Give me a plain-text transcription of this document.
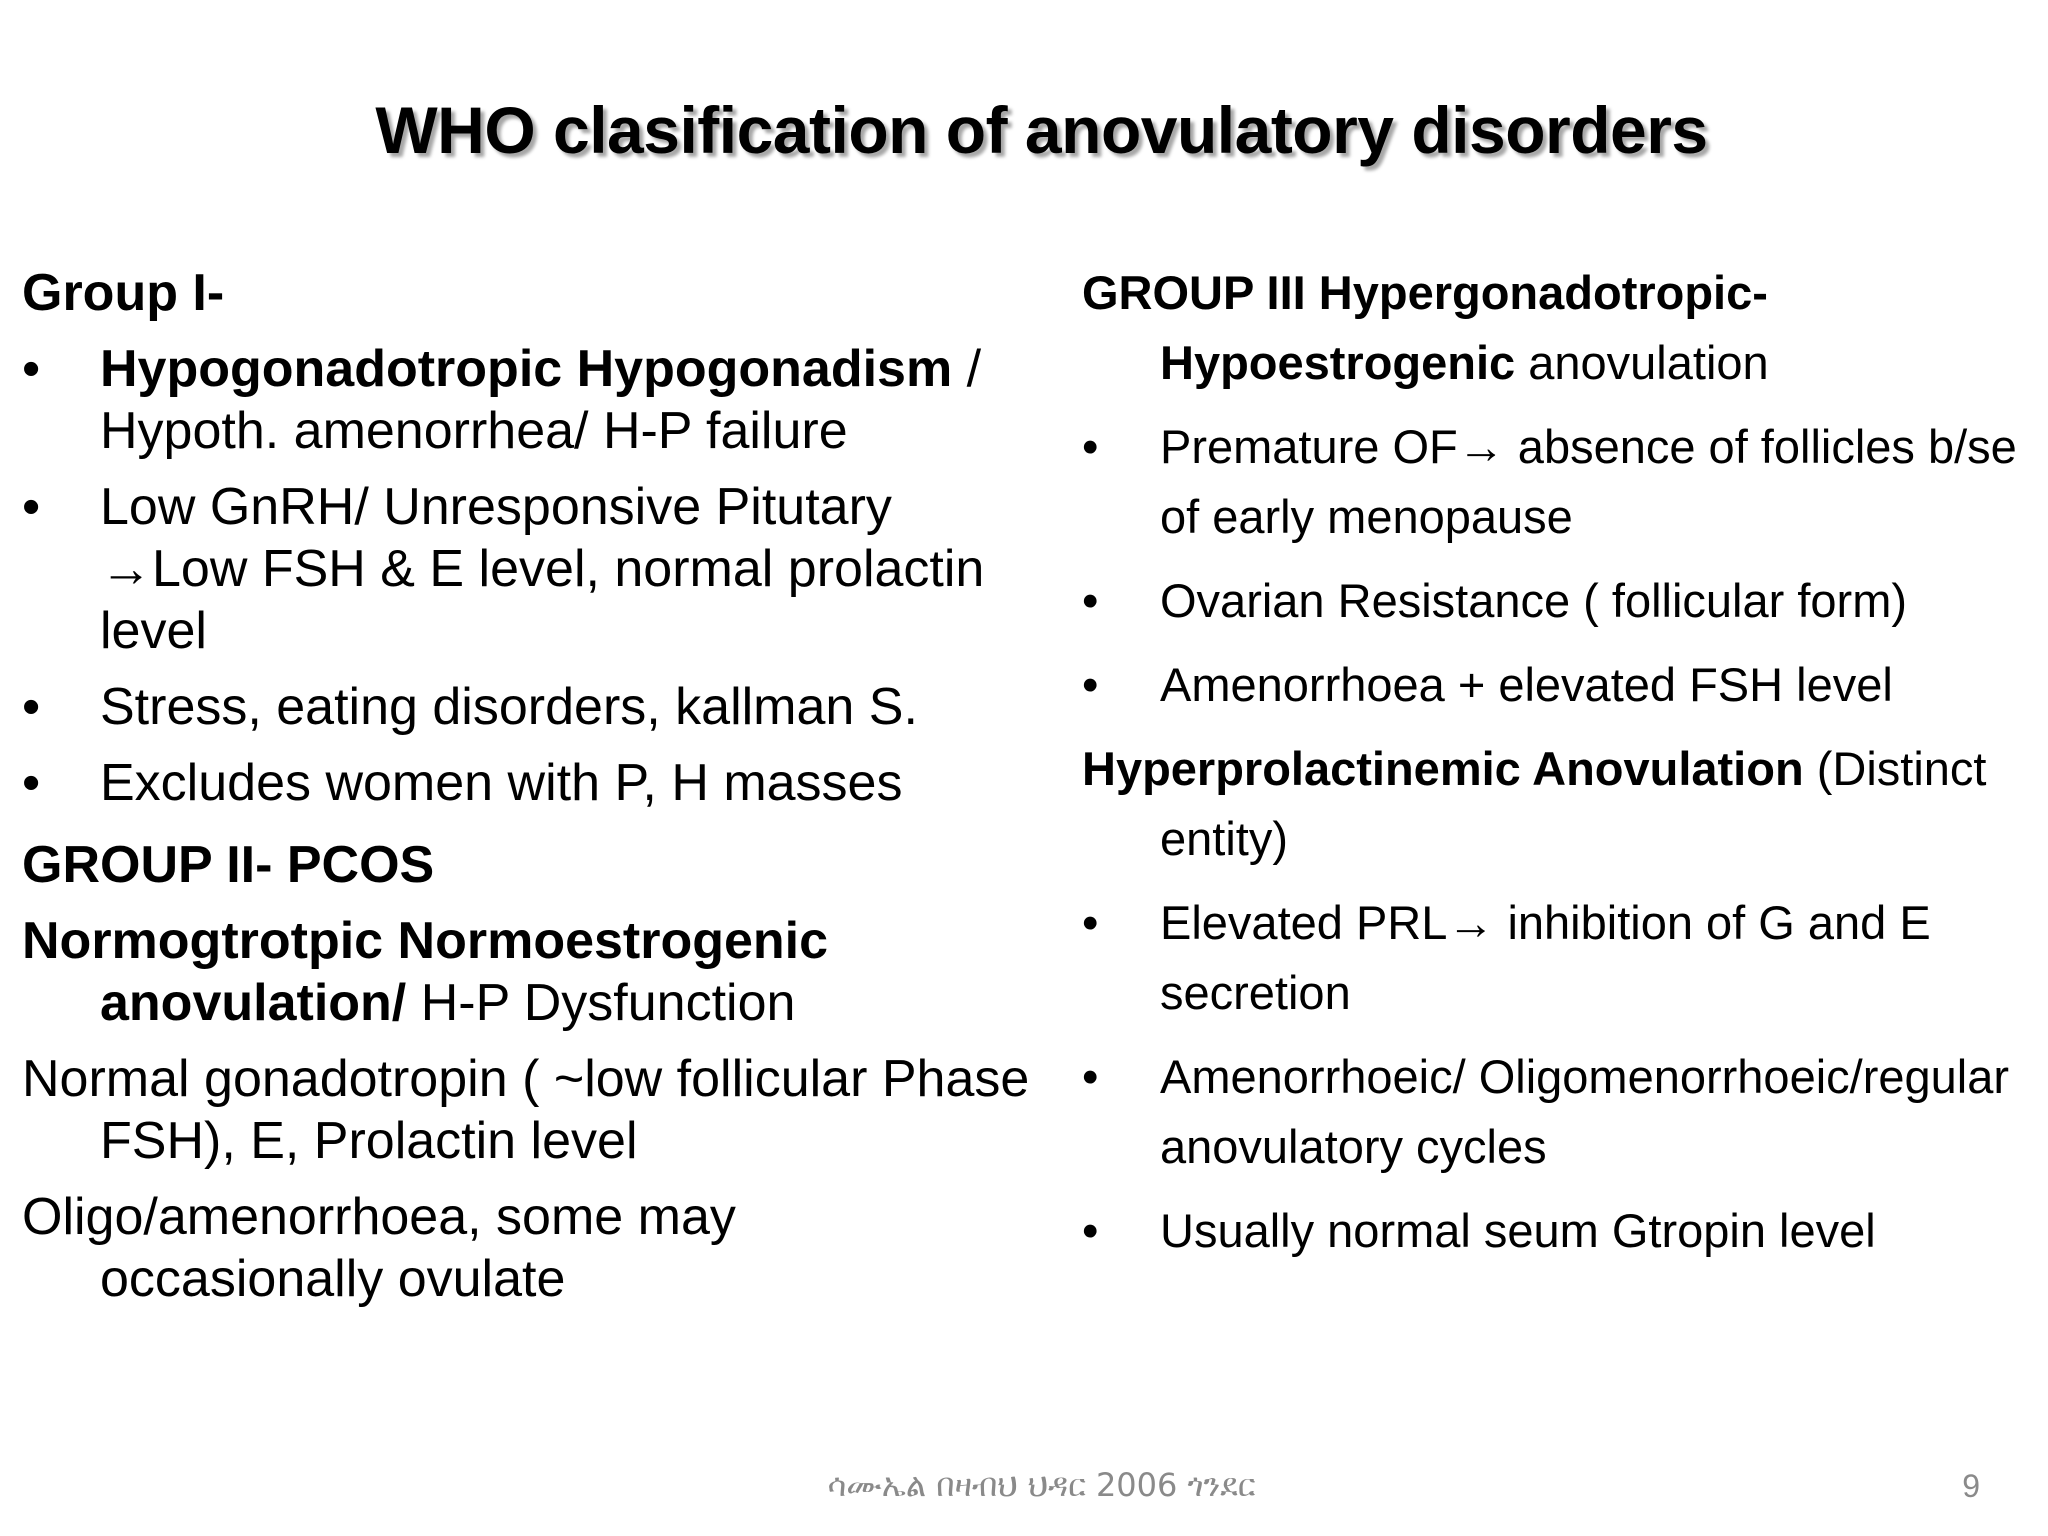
WHO clasification of anovulatory disorders

Group I-

• Hypogonadotropic Hypogonadism / Hypoth. amenorrhea/ H-P failure

• Low GnRH/ Unresponsive Pitutary →Low FSH & E level, normal prolactin level

• Stress, eating disorders, kallman S.

• Excludes women with P, H masses

GROUP II- PCOS

Normogtrotpic Normoestrogenic anovulation/ H-P Dysfunction

Normal gonadotropin ( ~low follicular Phase FSH), E, Prolactin level

Oligo/amenorrhoea, some may occasionally ovulate

GROUP III Hypergonadotropic-Hypoestrogenic anovulation

• Premature OF→ absence of follicles b/se of early menopause

• Ovarian Resistance ( follicular form)

• Amenorrhoea + elevated FSH level

Hyperprolactinemic Anovulation (Distinct entity)

• Elevated PRL→ inhibition of G and E secretion

• Amenorrhoeic/ Oligomenorrhoeic/regular anovulatory cycles

• Usually normal seum Gtropin level

ሳሙኤል በዛብህ ህዳር 2006 ጎንደር	9
